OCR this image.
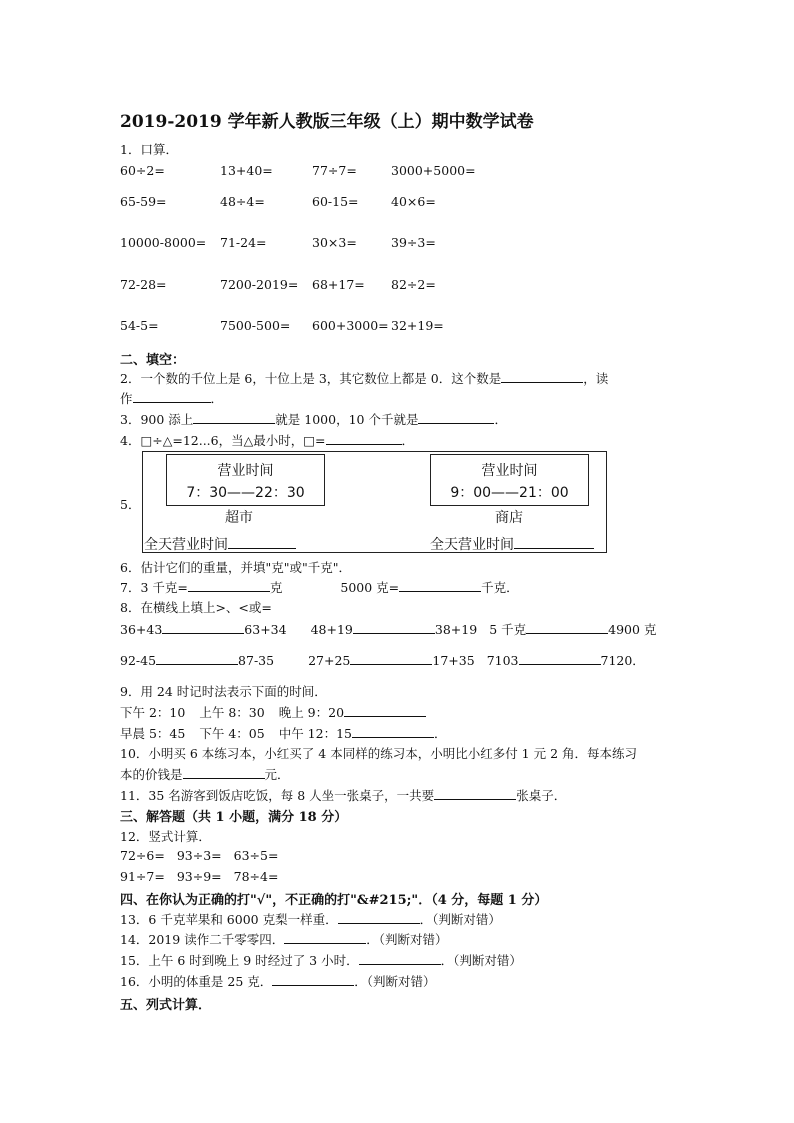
2019-2019 学年新人教版三年级（上）期中数学试卷
1．口算．
60÷2=	13+40=	77÷7=	3000+5000=
65-59=	48÷4=	60-15=	40×6=
10000-8000= 71-24=	30×3=	39÷3=
72-28=	7200-2019= 68+17= 82÷2=
54-5=	7500-500= 600+3000= 32+19=
二、填空：
2．一个数的千位上是 6，十位上是 3，其它数位上都是 0．这个数是	，读
作	．
3．900 添上	就是 1000，10 个千就是	．
4．□÷△=12...6，当△最小时，□=	．
5．
营业时间
7：30——22：30
超市
全天营业时间
营业时间
9：00——21：00
商店
全天营业时间
6．估计它们的重量，并填"克"或"千克"．
7．3 千克=	克	5000 克=	千克．
8．在横线上填上>、<或=
36+43	63+34 48+19	38+19 5 千克	4900 克
92-45	87-35	27+25	17+35 7103	7120．
9．用 24 时记时法表示下面的时间．
下午 2：10 上午 8：30 晚上 9：20
早晨 5：45 下午 4：05 中午 12：15	．
10．小明买 6 本练习本，小红买了 4 本同样的练习本，小明比小红多付 1 元 2 角．每本练习
本的价钱是	元．
11．35 名游客到饭店吃饭，每 8 人坐一张桌子，一共要	张桌子．
三、解答题（共 1 小题，满分 18 分）
12．竖式计算．
72÷6= 93÷3= 63÷5=
91÷7= 93÷9= 78÷4=
四、在你认为正确的打"√"，不正确的打"&#215;"．（4 分，每题 1 分）
13．6 千克苹果和 6000 克梨一样重．	．（判断对错）
14．2019 读作二千零零四．	．（判断对错）
15．上午 6 时到晚上 9 时经过了 3 小时．	．（判断对错）
16．小明的体重是 25 克．	．（判断对错）
五、列式计算．
